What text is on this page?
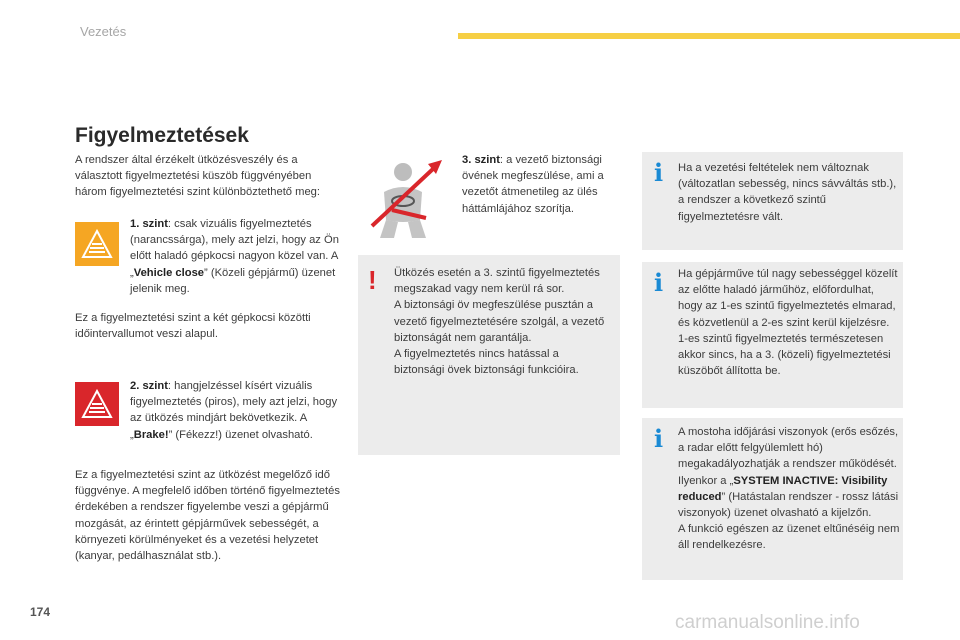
Vezetés
Figyelmeztetések
A rendszer által érzékelt ütközésveszély és a választott figyelmeztetési küszöb függvényében három figyelmeztetési szint különböztethető meg:
1. szint: csak vizuális figyelmeztetés (narancssárga), mely azt jelzi, hogy az Ön előtt haladó gépkocsi nagyon közel van. A „Vehicle close” (Közeli gépjármű) üzenet jelenik meg.
Ez a figyelmeztetési szint a két gépkocsi közötti időintervallumot veszi alapul.
2. szint: hangjelzéssel kísért vizuális figyelmeztetés (piros), mely azt jelzi, hogy az ütközés mindjárt bekövetkezik. A „Brake!” (Fékezz!) üzenet olvasható.
Ez a figyelmeztetési szint az ütközést megelőző idő függvénye. A megfelelő időben történő figyelmeztetés érdekében a rendszer figyelembe veszi a gépjármű mozgását, az érintett gépjárművek sebességét, a környezeti körülményeket és a vezetési helyzetet (kanyar, pedálhasználat stb.).
3. szint: a vezető biztonsági övének megfeszülése, ami a vezetőt átmenetileg az ülés háttámlájához szorítja.
! Ütközés esetén a 3. szintű figyelmeztetés megszakad vagy nem kerül rá sor.
A biztonsági öv megfeszülése pusztán a vezető figyelmeztetésére szolgál, a vezető biztonságát nem garantálja.
A figyelmeztetés nincs hatással a biztonsági övek biztonsági funkcióira.
i Ha a vezetési feltételek nem változnak (változatlan sebesség, nincs sávváltás stb.), a rendszer a következő szintű figyelmeztetésre vált.
i Ha gépjárműve túl nagy sebességgel közelít az előtte haladó járműhöz, előfordulhat, hogy az 1-es szintű figyelmeztetés elmarad, és közvetlenül a 2-es szint kerül kijelzésre.
1-es szintű figyelmeztetés természetesen akkor sincs, ha a 3. (közeli) figyelmeztetési küszöbőt állította be.
i A mostoha időjárási viszonyok (erős esőzés, a radar előtt felgyülemlett hó) megakadályozhatják a rendszer működését. Ilyenkor a „SYSTEM INACTIVE: Visibility reduced” (Hatástalan rendszer - rossz látási viszonyok) üzenet olvasható a kijelzőn.
A funkció egészen az üzenet eltűnéséig nem áll rendelkezésre.
174	carmanualsonline.info
